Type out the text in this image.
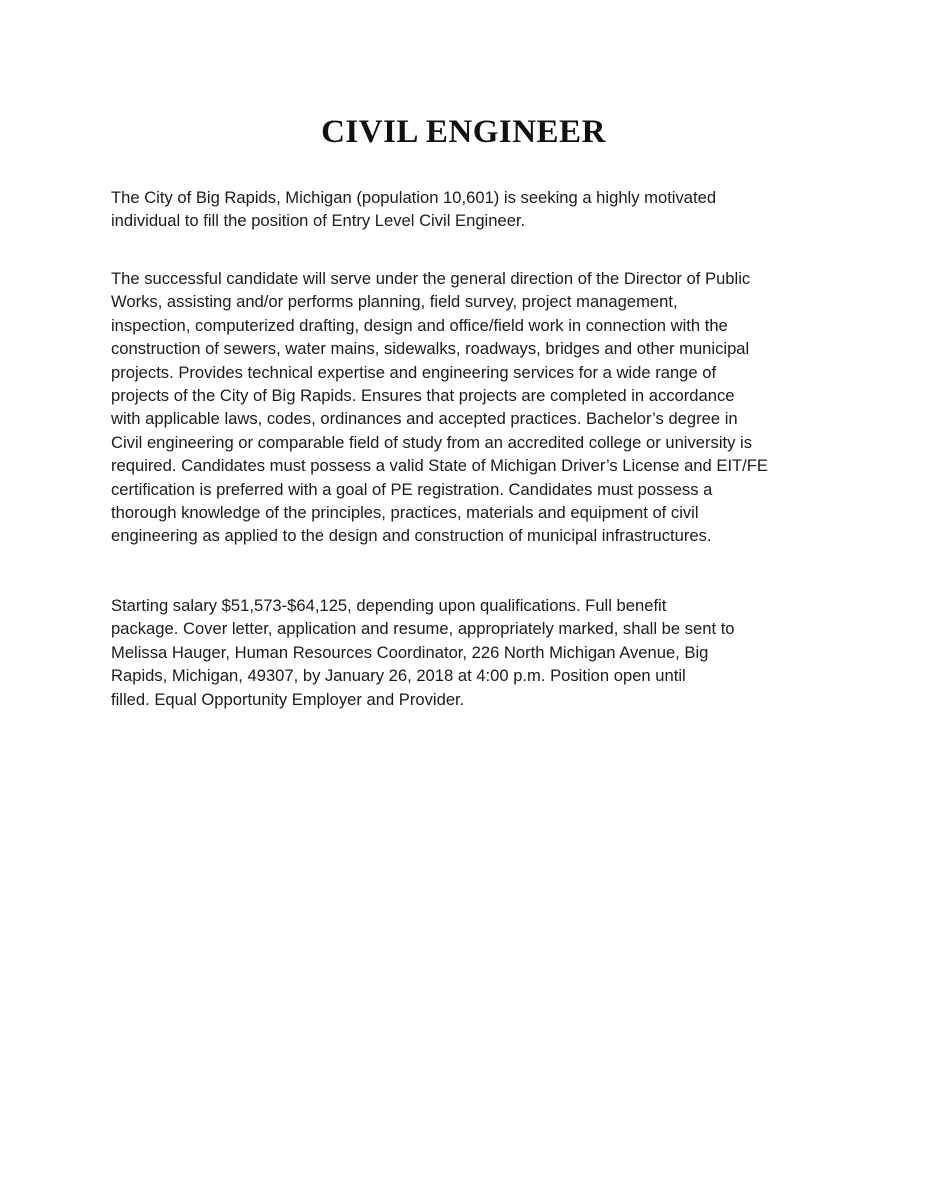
CIVIL ENGINEER
The City of Big Rapids, Michigan (population 10,601) is seeking a highly motivated
individual to fill the position of Entry Level Civil Engineer.
The successful candidate will serve under the general direction of the Director of Public
Works, assisting and/or performs planning, field survey, project management,
inspection, computerized drafting, design and office/field work in connection with the
construction of sewers, water mains, sidewalks, roadways, bridges and other municipal
projects. Provides technical expertise and engineering services for a wide range of
projects of the City of Big Rapids. Ensures that projects are completed in accordance
with applicable laws, codes, ordinances and accepted practices. Bachelor’s degree in
Civil engineering or comparable field of study from an accredited college or university is
required. Candidates must possess a valid State of Michigan Driver’s License and EIT/FE
certification is preferred with a goal of PE registration. Candidates must possess a
thorough knowledge of the principles, practices, materials and equipment of civil
engineering as applied to the design and construction of municipal infrastructures.
Starting salary $51,573-$64,125, depending upon qualifications. Full benefit
package. Cover letter, application and resume, appropriately marked, shall be sent to
Melissa Hauger, Human Resources Coordinator, 226 North Michigan Avenue, Big
Rapids, Michigan, 49307, by January 26, 2018 at 4:00 p.m. Position open until
filled. Equal Opportunity Employer and Provider.
